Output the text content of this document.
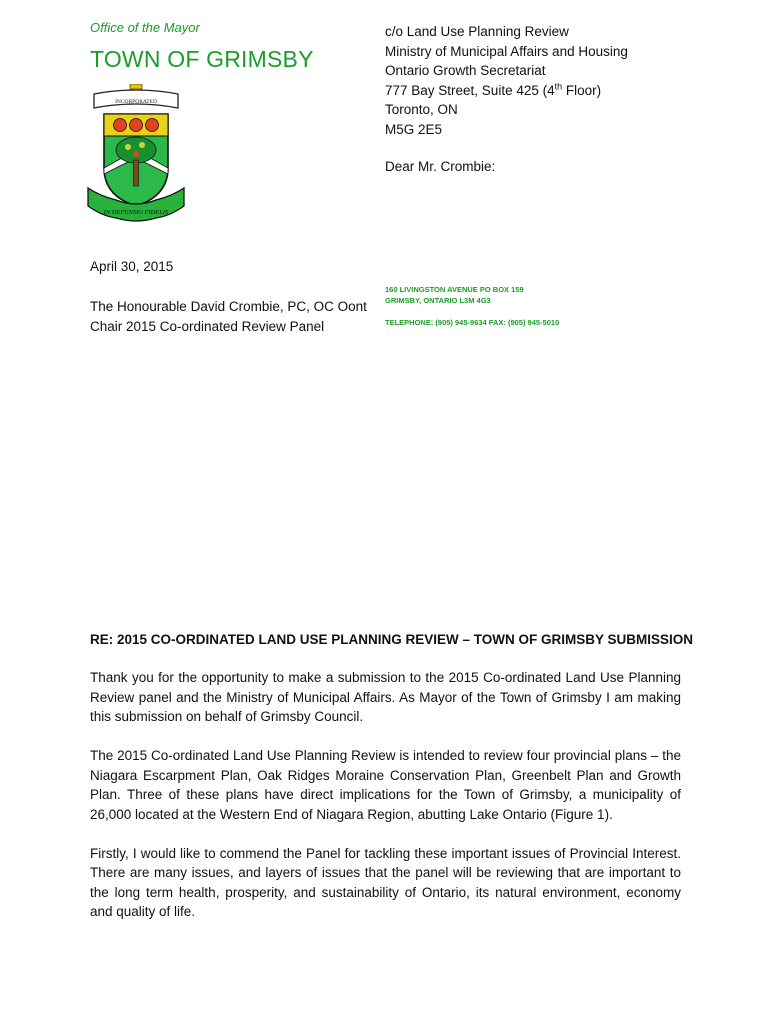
Office of the Mayor
TOWN OF GRIMSBY
INCORPORATED
IN DEFENSIO FIDELIS
c/o Land Use Planning Review
Ministry of Municipal Affairs and Housing
Ontario Growth Secretariat
777 Bay Street, Suite 425 (4th Floor)
Toronto, ON
M5G 2E5
Dear Mr. Crombie:
April 30, 2015
The Honourable David Crombie, PC, OC Oont
Chair 2015 Co-ordinated Review Panel
160 LIVINGSTON AVENUE PO BOX 159
GRIMSBY, ONTARIO L3M 4G3
TELEPHONE: (905) 945-9634 FAX: (905) 945-5010
RE: 2015 CO-ORDINATED LAND USE PLANNING REVIEW – TOWN OF GRIMSBY SUBMISSION

Thank you for the opportunity to make a submission to the 2015 Co-ordinated Land Use Planning Review panel and the Ministry of Municipal Affairs. As Mayor of the Town of Grimsby I am making this submission on behalf of Grimsby Council.

The 2015 Co-ordinated Land Use Planning Review is intended to review four provincial plans – the Niagara Escarpment Plan, Oak Ridges Moraine Conservation Plan, Greenbelt Plan and Growth Plan. Three of these plans have direct implications for the Town of Grimsby, a municipality of 26,000 located at the Western End of Niagara Region, abutting Lake Ontario (Figure 1).

Firstly, I would like to commend the Panel for tackling these important issues of Provincial Interest. There are many issues, and layers of issues that the panel will be reviewing that are important to the long term health, prosperity, and sustainability of Ontario, its natural environment, economy and quality of life.
